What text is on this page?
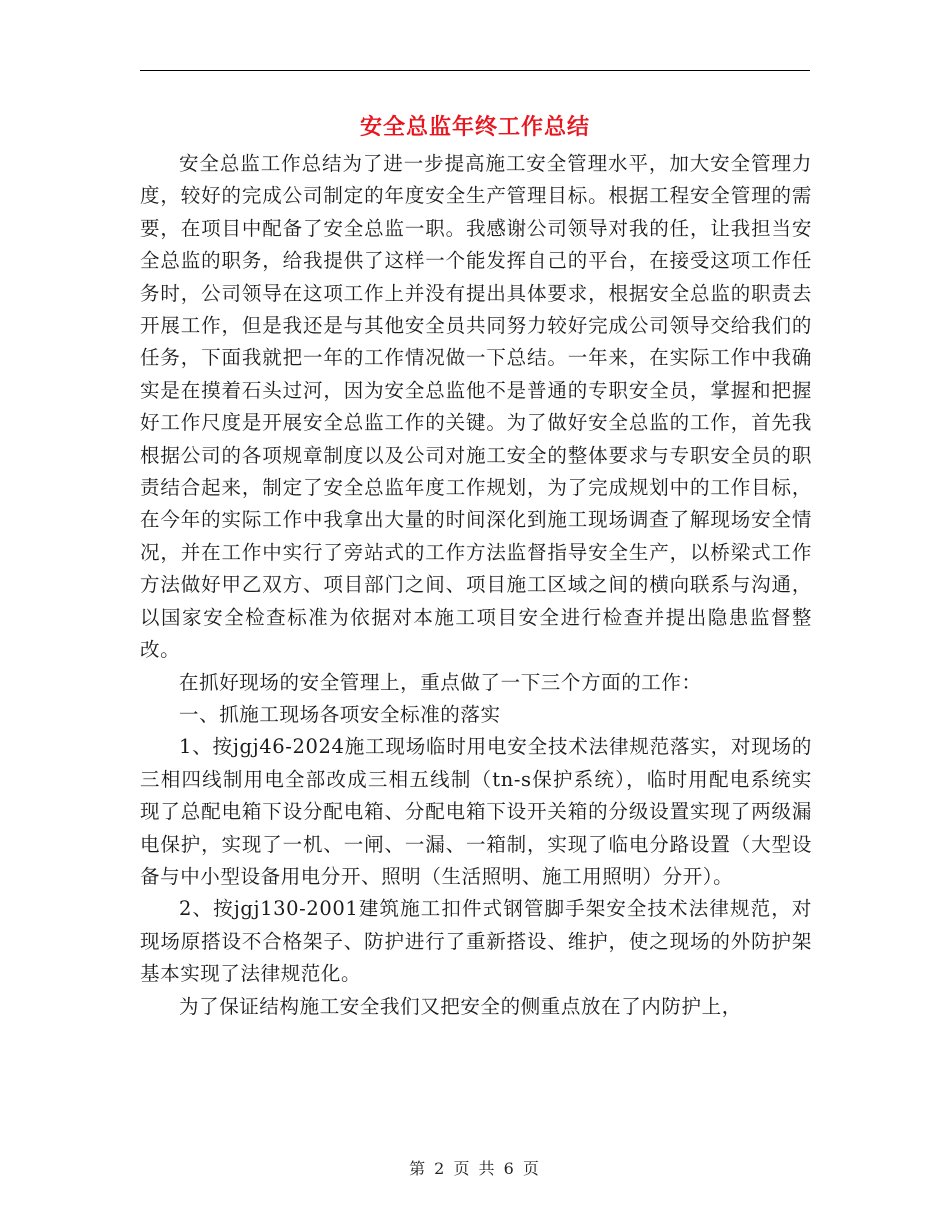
安全总监年终工作总结

安全总监工作总结为了进一步提高施工安全管理水平，加大安全管理力度，较好的完成公司制定的年度安全生产管理目标。根据工程安全管理的需要，在项目中配备了安全总监一职。我感谢公司领导对我的任，让我担当安全总监的职务，给我提供了这样一个能发挥自己的平台，在接受这项工作任务时，公司领导在这项工作上并没有提出具体要求，根据安全总监的职责去开展工作，但是我还是与其他安全员共同努力较好完成公司领导交给我们的任务，下面我就把一年的工作情况做一下总结。一年来，在实际工作中我确实是在摸着石头过河，因为安全总监他不是普通的专职安全员，掌握和把握好工作尺度是开展安全总监工作的关键。为了做好安全总监的工作，首先我根据公司的各项规章制度以及公司对施工安全的整体要求与专职安全员的职责结合起来，制定了安全总监年度工作规划，为了完成规划中的工作目标，在今年的实际工作中我拿出大量的时间深化到施工现场调查了解现场安全情况，并在工作中实行了旁站式的工作方法监督指导安全生产，以桥梁式工作方法做好甲乙双方、项目部门之间、项目施工区域之间的横向联系与沟通，以国家安全检查标准为依据对本施工项目安全进行检查并提出隐患监督整改。

在抓好现场的安全管理上，重点做了一下三个方面的工作：

一、抓施工现场各项安全标准的落实

1、按jgj46-2024施工现场临时用电安全技术法律规范落实，对现场的三相四线制用电全部改成三相五线制（tn-s保护系统），临时用配电系统实现了总配电箱下设分配电箱、分配电箱下设开关箱的分级设置实现了两级漏电保护，实现了一机、一闸、一漏、一箱制，实现了临电分路设置（大型设备与中小型设备用电分开、照明（生活照明、施工用照明）分开）。

2、按jgj130-2001建筑施工扣件式钢管脚手架安全技术法律规范，对现场原搭设不合格架子、防护进行了重新搭设、维护，使之现场的外防护架基本实现了法律规范化。

为了保证结构施工安全我们又把安全的侧重点放在了内防护上，

第 2 页 共 6 页
